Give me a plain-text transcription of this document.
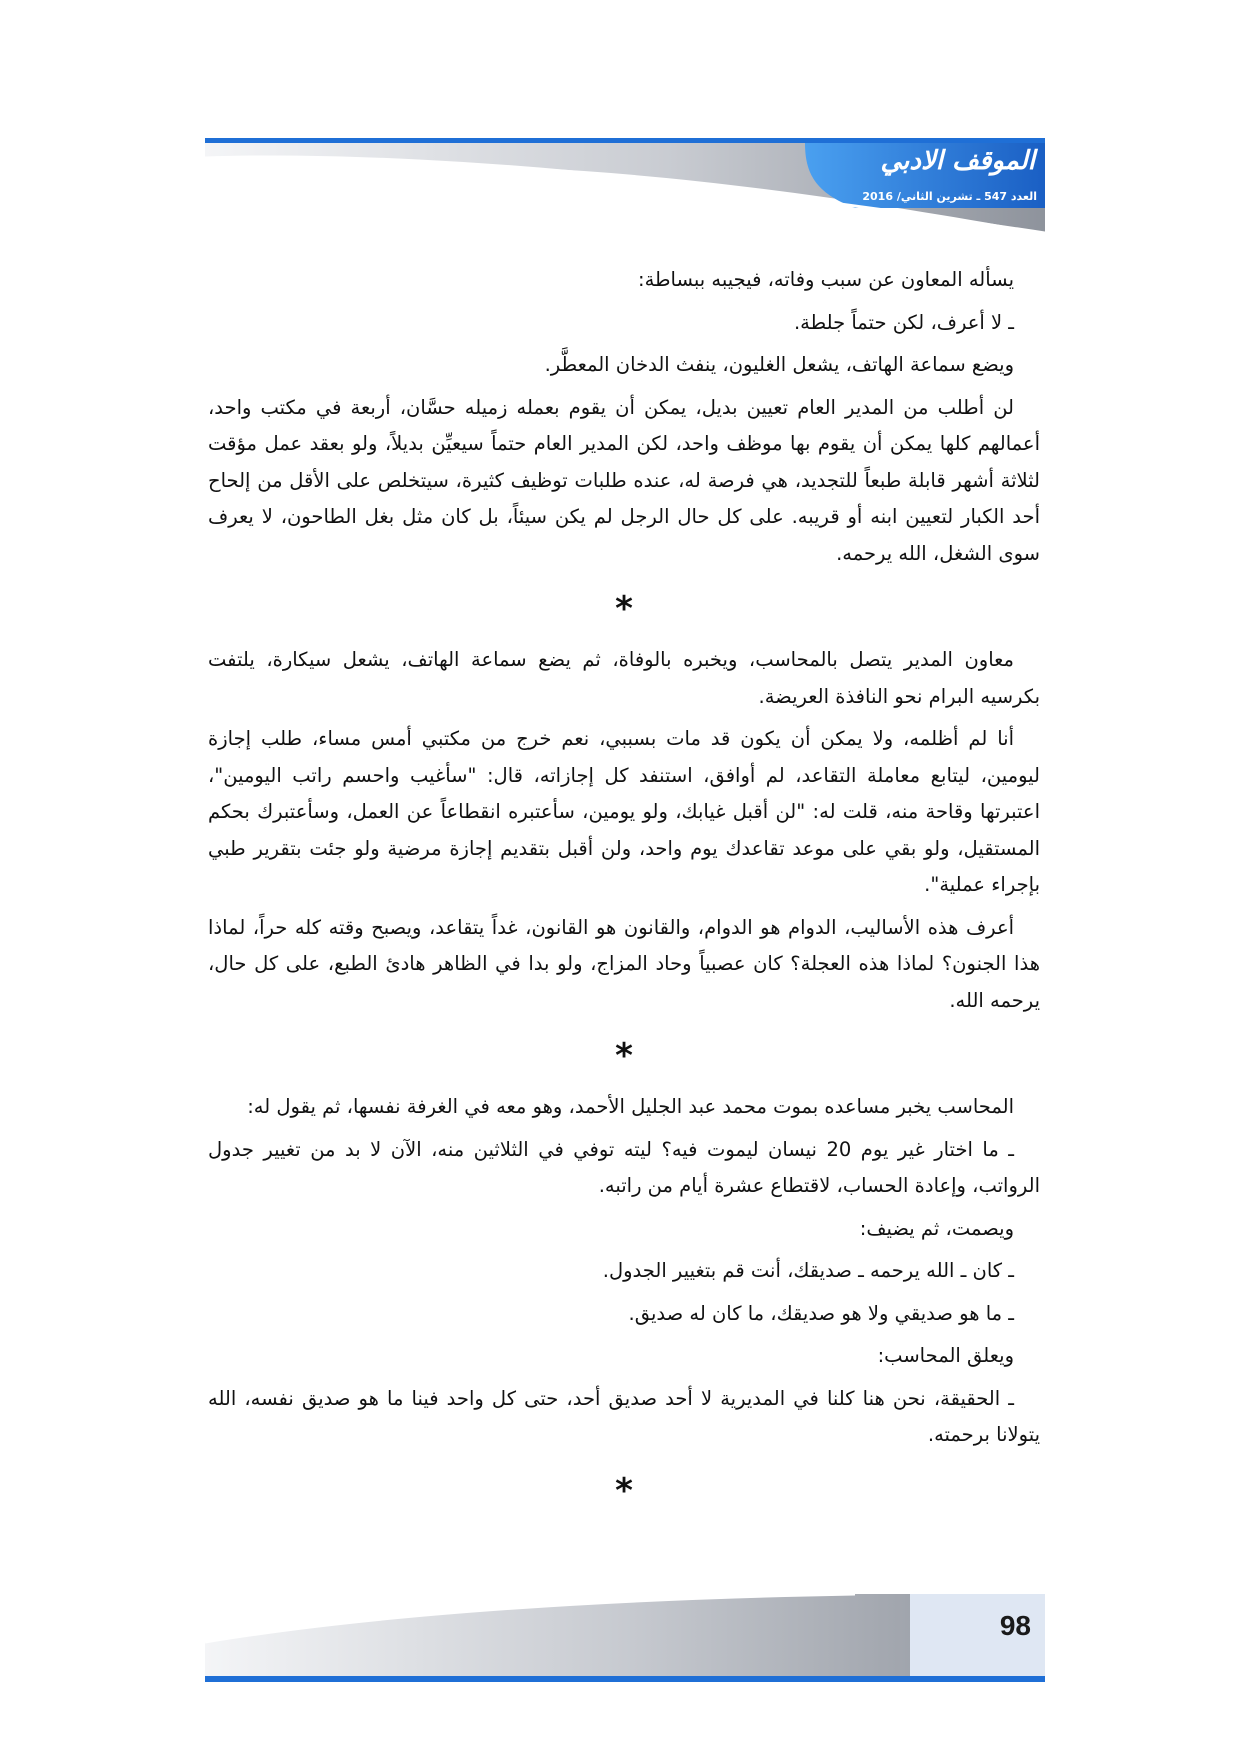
الموقف الادبي
العدد 547 ـ تشرين الثاني/ 2016

يسأله المعاون عن سبب وفاته، فيجيبه ببساطة:

ـ لا أعرف، لكن حتماً جلطة.

ويضع سماعة الهاتف، يشعل الغليون، ينفث الدخان المعطَّر.

لن أطلب من المدير العام تعيين بديل، يمكن أن يقوم بعمله زميله حسَّان، أربعة في مكتب واحد، أعمالهم كلها يمكن أن يقوم بها موظف واحد، لكن المدير العام حتماً سيعيِّن بديلاً، ولو بعقد عمل مؤقت لثلاثة أشهر قابلة طبعاً للتجديد، هي فرصة له، عنده طلبات توظيف كثيرة، سيتخلص على الأقل من إلحاح أحد الكبار لتعيين ابنه أو قريبه. على كل حال الرجل لم يكن سيئاً، بل كان مثل بغل الطاحون، لا يعرف سوى الشغل، الله يرحمه.

*

معاون المدير يتصل بالمحاسب، ويخبره بالوفاة، ثم يضع سماعة الهاتف، يشعل سيكارة، يلتفت بكرسيه البرام نحو النافذة العريضة.

أنا لم أظلمه، ولا يمكن أن يكون قد مات بسببي، نعم خرج من مكتبي أمس مساء، طلب إجازة ليومين، ليتابع معاملة التقاعد، لم أوافق، استنفد كل إجازاته، قال: "سأغيب واحسم راتب اليومين"، اعتبرتها وقاحة منه، قلت له: "لن أقبل غيابك، ولو يومين، سأعتبره انقطاعاً عن العمل، وسأعتبرك بحكم المستقيل، ولو بقي على موعد تقاعدك يوم واحد، ولن أقبل بتقديم إجازة مرضية ولو جئت بتقرير طبي بإجراء عملية".

أعرف هذه الأساليب، الدوام هو الدوام، والقانون هو القانون، غداً يتقاعد، ويصبح وقته كله حراً، لماذا هذا الجنون؟ لماذا هذه العجلة؟ كان عصبياً وحاد المزاج، ولو بدا في الظاهر هادئ الطبع، على كل حال، يرحمه الله.

*

المحاسب يخبر مساعده بموت محمد عبد الجليل الأحمد، وهو معه في الغرفة نفسها، ثم يقول له:

ـ ما اختار غير يوم 20 نيسان ليموت فيه؟ ليته توفي في الثلاثين منه، الآن لا بد من تغيير جدول الرواتب، وإعادة الحساب، لاقتطاع عشرة أيام من راتبه.

ويصمت، ثم يضيف:

ـ كان ـ الله يرحمه ـ صديقك، أنت قم بتغيير الجدول.

ـ ما هو صديقي ولا هو صديقك، ما كان له صديق.

ويعلق المحاسب:

ـ الحقيقة، نحن هنا كلنا في المديرية لا أحد صديق أحد، حتى كل واحد فينا ما هو صديق نفسه، الله يتولانا برحمته.

*

98
